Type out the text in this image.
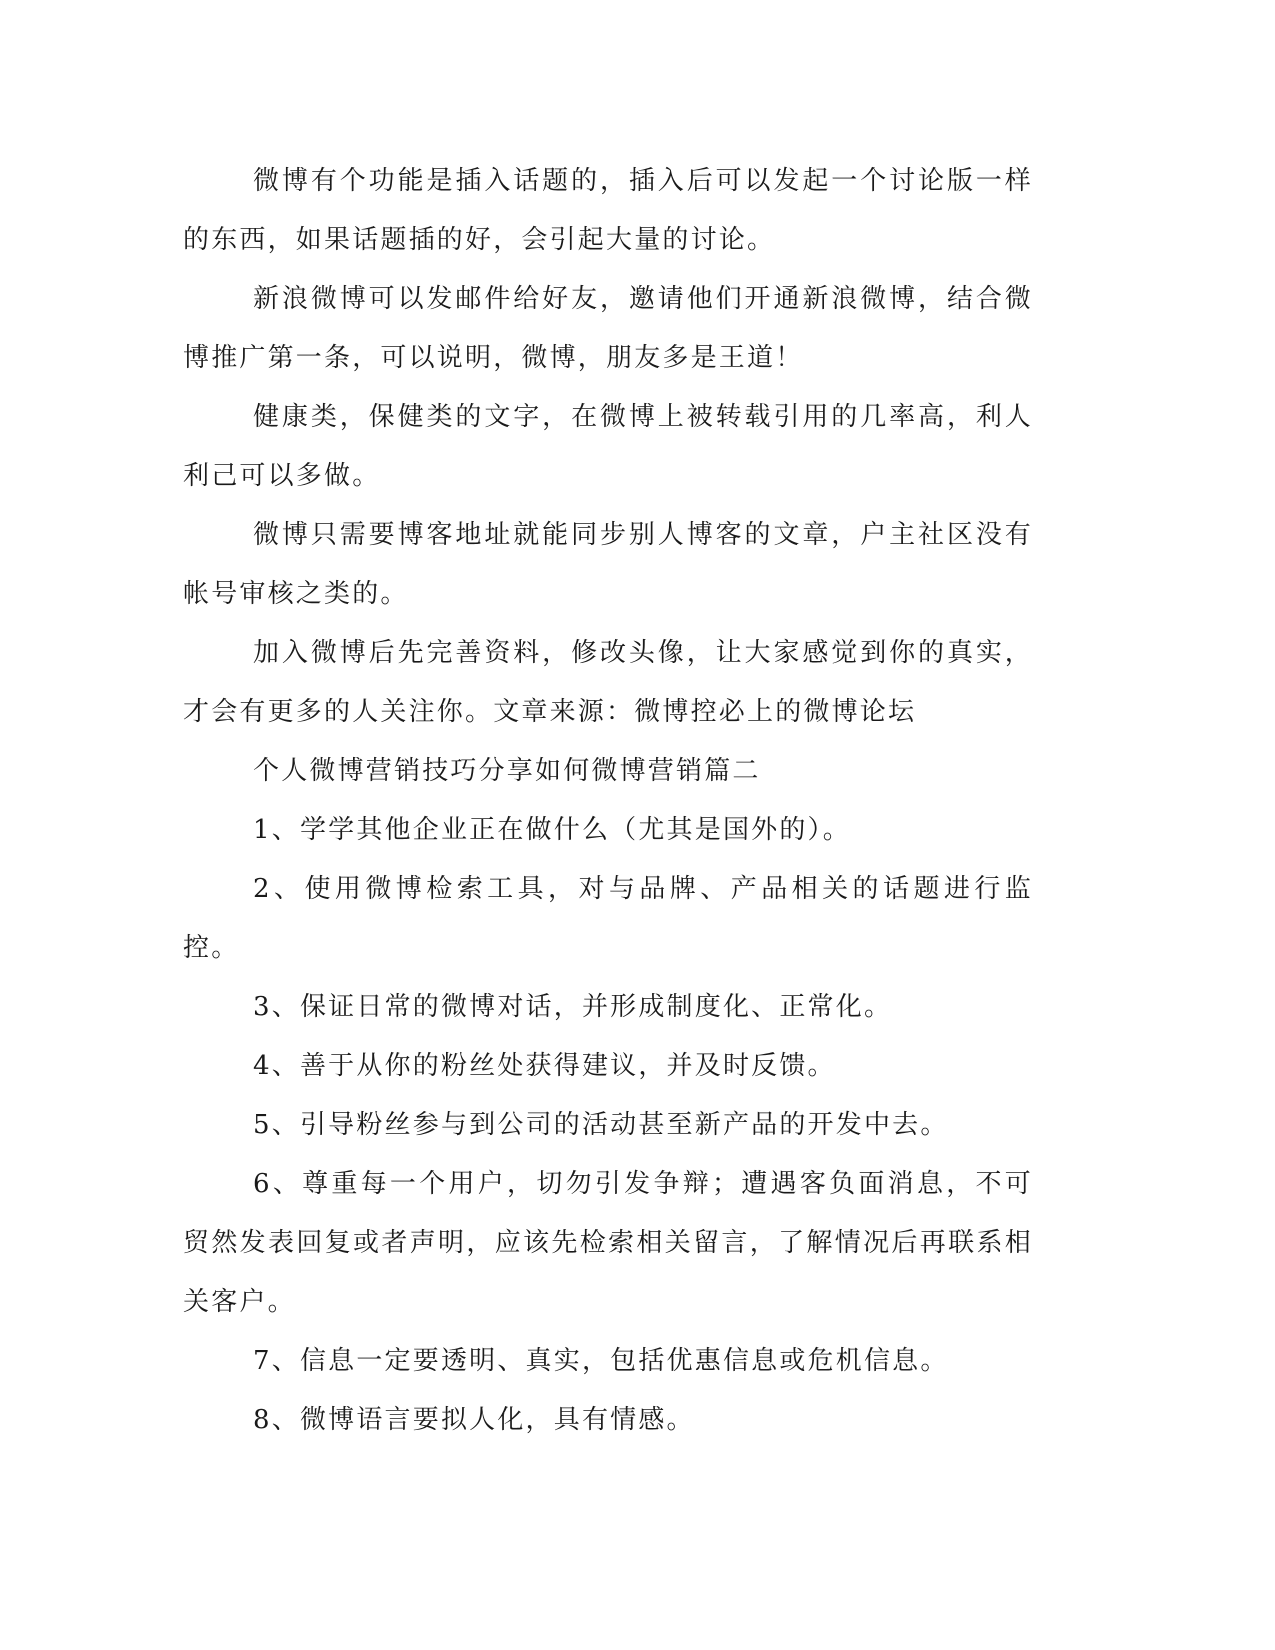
微博有个功能是插入话题的，插入后可以发起一个讨论版一样的东西，如果话题插的好，会引起大量的讨论。

新浪微博可以发邮件给好友，邀请他们开通新浪微博，结合微博推广第一条，可以说明，微博，朋友多是王道！

健康类，保健类的文字，在微博上被转载引用的几率高，利人利己可以多做。

微博只需要博客地址就能同步别人博客的文章，户主社区没有帐号审核之类的。

加入微博后先完善资料，修改头像，让大家感觉到你的真实，才会有更多的人关注你。文章来源：微博控必上的微博论坛

个人微博营销技巧分享如何微博营销篇二

1、学学其他企业正在做什么（尤其是国外的）。

2、使用微博检索工具，对与品牌、产品相关的话题进行监控。

3、保证日常的微博对话，并形成制度化、正常化。

4、善于从你的粉丝处获得建议，并及时反馈。

5、引导粉丝参与到公司的活动甚至新产品的开发中去。

6、尊重每一个用户，切勿引发争辩；遭遇客负面消息，不可贸然发表回复或者声明，应该先检索相关留言，了解情况后再联系相关客户。

7、信息一定要透明、真实，包括优惠信息或危机信息。

8、微博语言要拟人化，具有情感。
